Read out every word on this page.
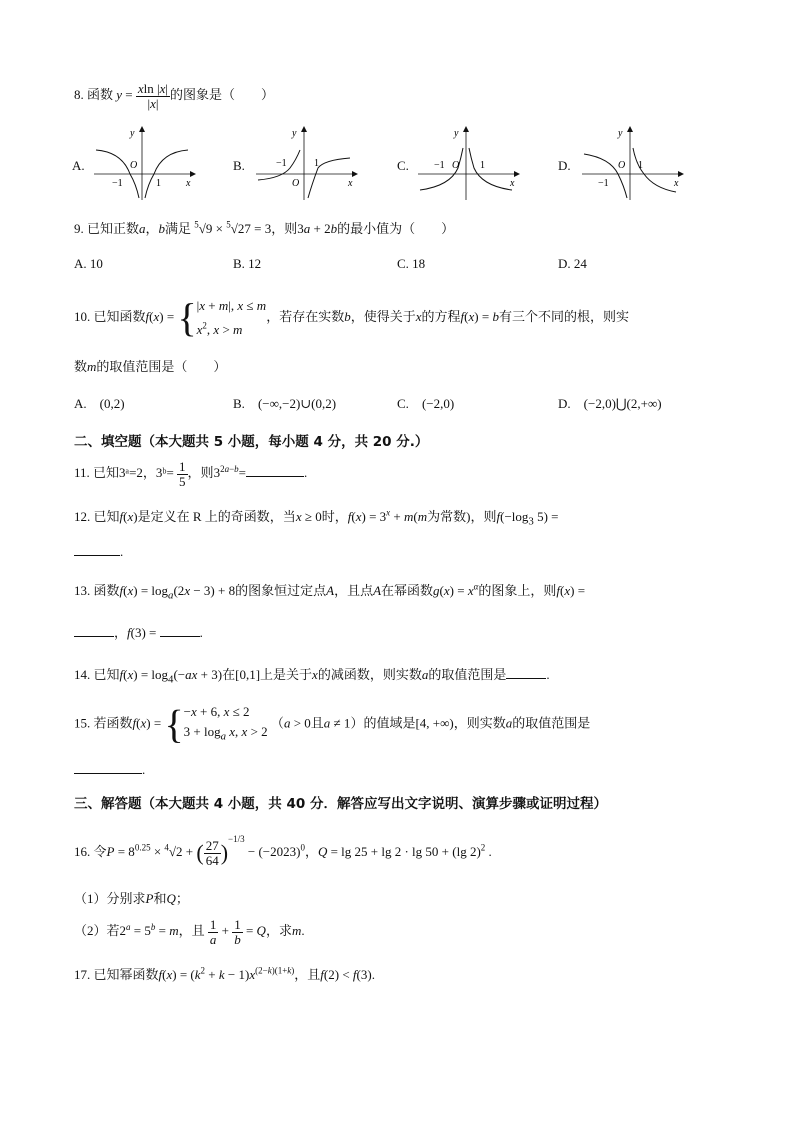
8. 函数 $y = \frac{xln |x|}{|x|}$ 的图象是（　　）
A.	B.	C.	D.
y
O
x
−1	1
y
O	x
−1	1
y
O
x
−1	1
y
O
x
−1
1
9. 已知正数a，b满足 $^5$√9 × $^5$√27 = 3，则3a + 2b的最小值为（　　）
A. 10	B. 12	C. 18	D. 24
10. 已知函数f(x) = {|x + m|, x ≤ m
$x^2$, x > m，若存在实数b，使得关于x的方程f(x) = b有三个不同的根，则实
数m的取值范围是（　　）
A.　 (0,2)	B.　 (−∞,−2)∪(0,2)	C.　 (−2,0)	D.　 (−2,0)⋃(2,+∞)
二、填空题（本大题共 5 小题，每小题 4 分，共 20 分.）
11. 已知3ᵃ=2，3ᵇ= $\frac{1}{5}$ ，则$3^{2a-b}=$	.
12. 已知f(x)是定义在 R 上的奇函数，当x ≥ 0时，$f(x) = 3^x + m(m$为常数)，则$f(-\log_3$ 5) =
.
13. 函数$f(x) = \log_a(2x - 3) + 8$的图象恒过定点A，且点A在幂函数$g(x) = x^\alpha$的图象上，则f(x) =
，f(3) =	.
14. 已知$f(x) = \log_4(-ax + 3)$在[0,1]上是关于x的减函数，则实数a的取值范围是	.
15. 若函数f(x) = {−x + 6, x ≤ 2
$3 + \log_a x$, x > 2 （a > 0且a ≠ 1）的值域是[4, +∞)，则实数a的取值范围是
.
三、解答题（本大题共 4 小题，共 40 分．解答应写出文字说明、演算步骤或证明过程）
16. 令$P = 8^{0.25} \times ^4√2$ + ( $\frac{27}{64} )^{-1/3} - (-2023)^0$，Q = lg 25 + lg 2 · lg 50 + (lg 2)$^2$ .
（1）分别求P和Q；
（2）若$2^a = 5^b = m$，且 $\frac{1}{a} + \frac{1}{b} = Q$，求m.
17. 已知幂函数$f(x) = (k^2 + k - 1)x^{(2-k)(1+k)}$，且f(2) < f(3).
